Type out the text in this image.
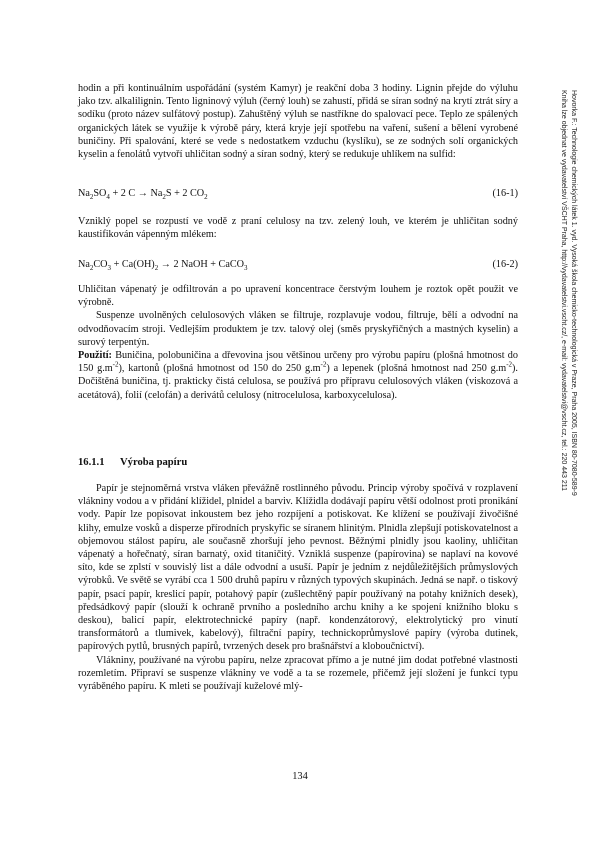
Hovorka F.: Technologie chemických látek 1. vyd. Vysoká škola chemicko-technologická v Praze, Praha 2005, ISBN 80-7080-589-9
Kniha lze objednat ve vydavatelství VŠCHT Praha, http://vydavatelstvi.vscht.cz/, e-mail: vydavatelstvi@vscht.cz, tel.: 220 443 211

hodin a při kontinuálním uspořádání (systém Kamyr) je reakční doba 3 hodiny. Lignin přejde do výluhu jako tzv. alkalilignin. Tento ligninový výluh (černý louh) se zahustí, přidá se síran sodný na krytí ztrát síry a sodíku (proto název sulfátový postup). Zahuštěný výluh se nastříkne do spalovací pece. Teplo ze spálených organických látek se využije k výrobě páry, která kryje její spotřebu na vaření, sušení a bělení vyrobené buničiny. Při spalování, které se vede s nedostatkem vzduchu (kyslíku), se ze sodných solí organických kyselin a fenolátů vytvoří uhličitan sodný a síran sodný, který se redukuje uhlíkem na sulfid:

$Na_2SO_4 + 2$ $C \to Na_2S + 2$ $CO_2$	(16-1)

Vzniklý popel se rozpustí ve vodě z praní celulosy na tzv. zelený louh, ve kterém je uhličitan sodný kaustifikován vápenným mlékem:

$Na_2CO_3 + Ca(OH)_2 \to 2$ NaOH + CaCO$_3$	(16-2)

Uhličitan vápenatý je odfiltrován a po upravení koncentrace čerstvým louhem je roztok opět použit ve výrobně.

Suspenze uvolněných celulosových vláken se filtruje, rozplavuje vodou, filtruje, bělí a odvodní na odvodňovacím stroji. Vedlejším produktem je tzv. talový olej (směs pryskyřičných a mastných kyselin) a surový terpentýn.

Použití: Buničina, polobuničina a dřevovina jsou většinou určeny pro výrobu papíru (plošná hmotnost do 150 $g.m^{-2}$), kartonů (plošná hmotnost od 150 do 250 $g.m^{-2}$) a lepenek (plošná hmotnost nad 250 $g.m^{-2}$). Dočištěná buničina, tj. prakticky čistá celulosa, se používá pro přípravu celulosových vláken (viskozová a acetátová), folií (celofán) a derivátů celulosy (nitrocelulosa, karboxycelulosa).

16.1.1 Výroba papíru

Papír je stejnoměrná vrstva vláken převážně rostlinného původu. Princip výroby spočívá v rozplavení vlákniny vodou a v přidání klížidel, plnidel a barviv. Klížidla dodávají papíru větší odolnost proti pronikání vody. Papír lze popisovat inkoustem bez jeho rozpíjení a potiskovat. Ke klížení se používají živočišné klihy, emulze vosků a disperze přírodních pryskyřic se síranem hlinitým. Plnidla zlepšují potiskovatelnost a objemovou stálost papíru, ale současně zhoršují jeho pevnost. Běžnými plnidly jsou kaoliny, uhličitan vápenatý a hořečnatý, síran barnatý, oxid titaničitý. Vzniklá suspenze (papírovina) se naplaví na kovové síto, kde se zplstí v souvislý list a dále odvodní a usuší. Papír je jedním z nejdůležitějších průmyslových výrobků. Ve světě se vyrábí cca 1 500 druhů papíru v různých typových skupinách. Jedná se např. o tiskový papír, psací papír, kreslicí papír, potahový papír (zušlechtěný papír používaný na potahy knižních desek), předsádkový papír (slouží k ochraně prvního a posledního archu knihy a ke spojení knižního bloku s deskou), balicí papír, elektrotechnické papíry (např. kondenzátorový, elektrolytický pro vinutí transformátorů a tlumivek, kabelový), filtrační papíry, technickoprůmyslové papíry (výroba dutinek, papírových pytlů, brusných papírů, tvrzených desek pro brašnářství a kloboučnictví).

Vlákniny, používané na výrobu papíru, nelze zpracovat přímo a je nutné jim dodat potřebné vlastnosti rozemletím. Připraví se suspenze vlákniny ve vodě a ta se rozemele, přičemž její složení je funkcí typu vyráběného papíru. K mleti se používají kuželové mlý-

134
